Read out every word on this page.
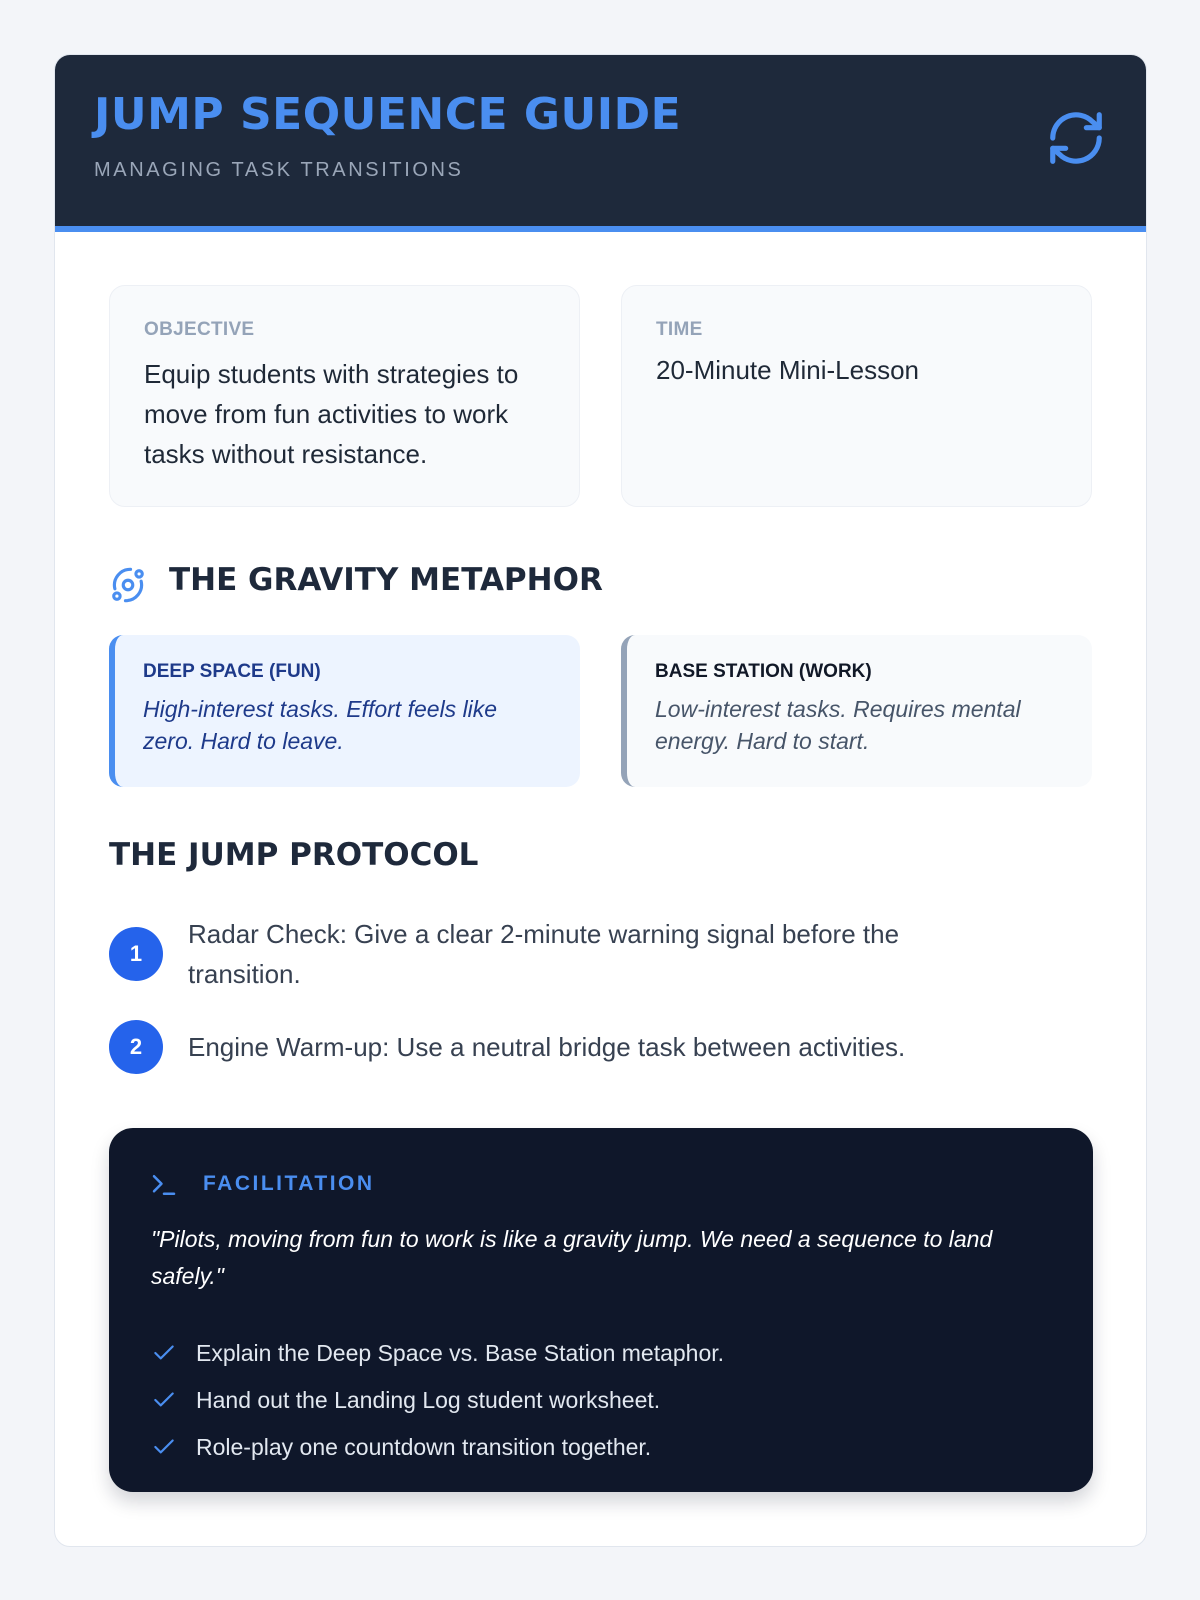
JUMP SEQUENCE GUIDE
MANAGING TASK TRANSITIONS
OBJECTIVE
Equip students with strategies to move from fun activities to work tasks without resistance.
TIME
20-Minute Mini-Lesson
THE GRAVITY METAPHOR
DEEP SPACE (FUN)
High-interest tasks. Effort feels like zero. Hard to leave.
BASE STATION (WORK)
Low-interest tasks. Requires mental energy. Hard to start.
THE JUMP PROTOCOL
1
Radar Check: Give a clear 2-minute warning signal before the transition.
2	Engine Warm-up: Use a neutral bridge task between activities.
FACILITATION
"Pilots, moving from fun to work is like a gravity jump. We need a sequence to land safely."
Explain the Deep Space vs. Base Station metaphor.
Hand out the Landing Log student worksheet.
Role-play one countdown transition together.
